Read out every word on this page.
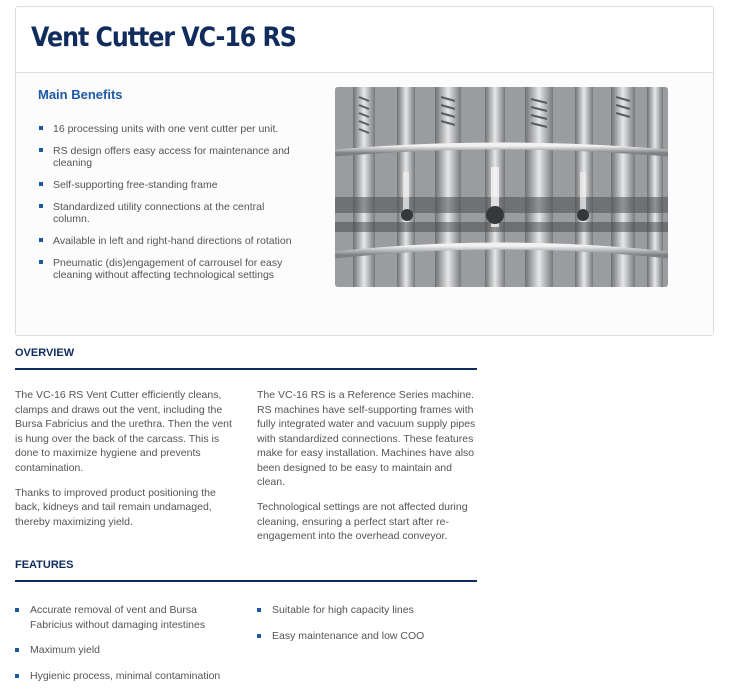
Vent Cutter VC-16 RS
Main Benefits
16 processing units with one vent cutter per unit.
RS design offers easy access for maintenance and cleaning
Self-supporting free-standing frame
Standardized utility connections at the central column.
Available in left and right-hand directions of rotation
Pneumatic (dis)engagement of carrousel for easy cleaning without affecting technological settings
OVERVIEW

The VC-16 RS Vent Cutter efficiently cleans, clamps and draws out the vent, including the Bursa Fabricius and the urethra. Then the vent is hung over the back of the carcass. This is done to maximize hygiene and prevents contamination.

Thanks to improved product positioning the back, kidneys and tail remain undamaged, thereby maximizing yield.

The VC-16 RS is a Reference Series machine. RS machines have self-supporting frames with fully integrated water and vacuum supply pipes with standardized connections. These features make for easy installation. Machines have also been designed to be easy to maintain and clean.

Technological settings are not affected during cleaning, ensuring a perfect start after re-engagement into the overhead conveyor.

FEATURES
Accurate removal of vent and Bursa Fabricius without damaging intestines
Maximum yield
Hygienic process, minimal contamination
Suitable for high capacity lines
Easy maintenance and low COO
